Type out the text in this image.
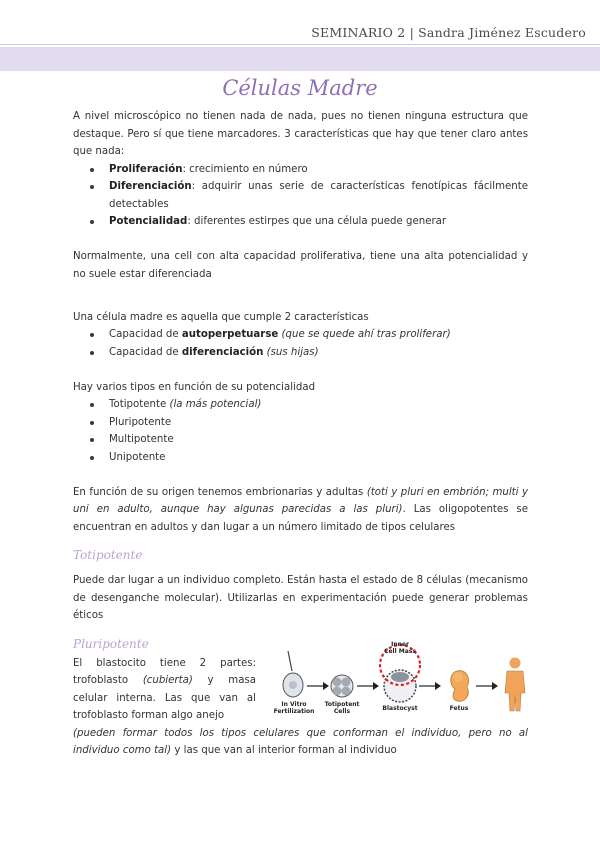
SEMINARIO 2 | Sandra Jiménez Escudero
Células Madre

A nivel microscópico no tienen nada de nada, pues no tienen ninguna estructura que destaque. Pero sí que tiene marcadores. 3 características que hay que tener claro antes que nada:

Proliferación: crecimiento en número
Diferenciación: adquirir unas serie de características fenotípicas fácilmente detectables
Potencialidad: diferentes estirpes que una célula puede generar

Normalmente, una cell con alta capacidad proliferativa, tiene una alta potencialidad y no suele estar diferenciada

Una célula madre es aquella que cumple 2 características

Capacidad de autoperpetuarse (que se quede ahí tras proliferar)
Capacidad de diferenciación (sus hijas)

Hay varios tipos en función de su potencialidad

Totipotente (la más potencial)
Pluripotente
Multipotente
Unipotente

En función de su origen tenemos embrionarias y adultas (toti y pluri en embrión; multi y uni en adulto, aunque hay algunas parecidas a las pluri). Las oligopotentes se encuentran en adultos y dan lugar a un número limitado de tipos celulares

Totipotente

Puede dar lugar a un individuo completo. Están hasta el estado de 8 células (mecanismo de desenganche molecular). Utilizarlas en experimentación puede generar problemas éticos

Pluripotente

El blastocito tiene 2 partes: trofoblasto (cubierta) y masa celular interna. Las que van al trofoblasto forman algo anejo

Inner Cell Mass
In Vitro Fertilization
Totipotent Cells	Blastocyst	Fetus

(pueden formar todos los tipos celulares que conforman el individuo, pero no al individuo como tal) y las que van al interior forman al individuo
